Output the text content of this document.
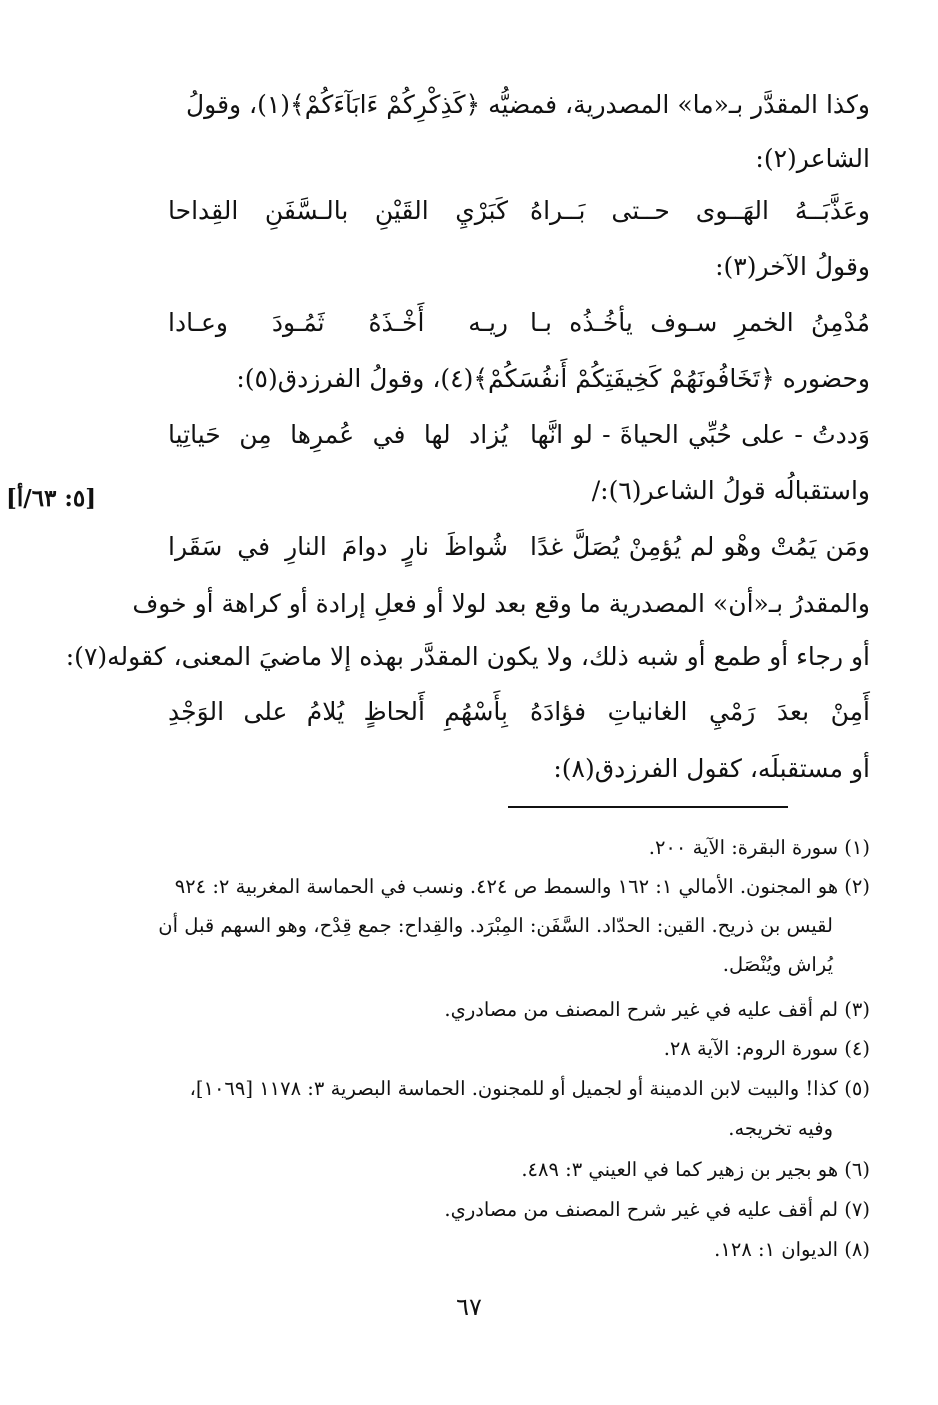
وكذا المقدَّر بـ«ما» المصدرية، فمضيُّه ﴿كَذِكْرِكُمْ ءَابَآءَكُمْ﴾(١)، وقولُ
الشاعر(٢):
وعَذَّبَــهُ الهَــوى حــتى بَــراهُ
كَبَرْيِ القَيْنِ بالـسَّفَنِ القِداحا
وقولُ الآخر(٣):
مُدْمِنُ الخمرِ سـوف يأخُـذُه بـا
ريـه أَخْـذَهُ ثَمُـودَ وعـادا
وحضوره ﴿تَخَافُونَهُمْ كَخِيفَتِكُمْ أَنفُسَكُمْ﴾(٤)، وقولُ الفرزدق(٥):
وَددتُ - على حُبِّي الحياةَ - لو انَّها
يُزاد لها في عُمرِها مِن حَياتِيا
واستقبالُه قولُ الشاعر(٦):/
[٥: ٦٣/أ]
ومَن يَمُتْ وهْو لم يُؤمِنْ يُصَلَّ غدًا
شُواظَ نارٍ دوامَ النارِ في سَقَرا
والمقدرُ بـ«أن» المصدرية ما وقع بعد لولا أو فعلِ إرادة أو كراهة أو خوف
أو رجاء أو طمع أو شبه ذلك، ولا يكون المقدَّر بهذه إلا ماضيَ المعنى، كقوله(٧):
أَمِنْ بعدَ رَمْيِ الغانياتِ فؤادَهُ
بِأَسْهُمِ أَلحاظٍ يُلامُ على الوَجْدِ
أو مستقبلَه، كقول الفرزدق(٨):
(١) سورة البقرة: الآية ٢٠٠.
(٢) هو المجنون. الأمالي ١: ١٦٢ والسمط ص ٤٢٤. ونسب في الحماسة المغربية ٢: ٩٢٤
لقيس بن ذريح. القين: الحدّاد. السَّفَن: المِبْرَد. والقِداح: جمع قِدْح، وهو السهم قبل أن
يُراش ويُنْصَل.
(٣) لم أقف عليه في غير شرح المصنف من مصادري.
(٤) سورة الروم: الآية ٢٨.
(٥) كذا! والبيت لابن الدمينة أو لجميل أو للمجنون. الحماسة البصرية ٣: ١١٧٨ [١٠٦٩]،
وفيه تخريجه.
(٦) هو بجير بن زهير كما في العيني ٣: ٤٨٩.
(٧) لم أقف عليه في غير شرح المصنف من مصادري.
(٨) الديوان ١: ١٢٨.
٦٧
